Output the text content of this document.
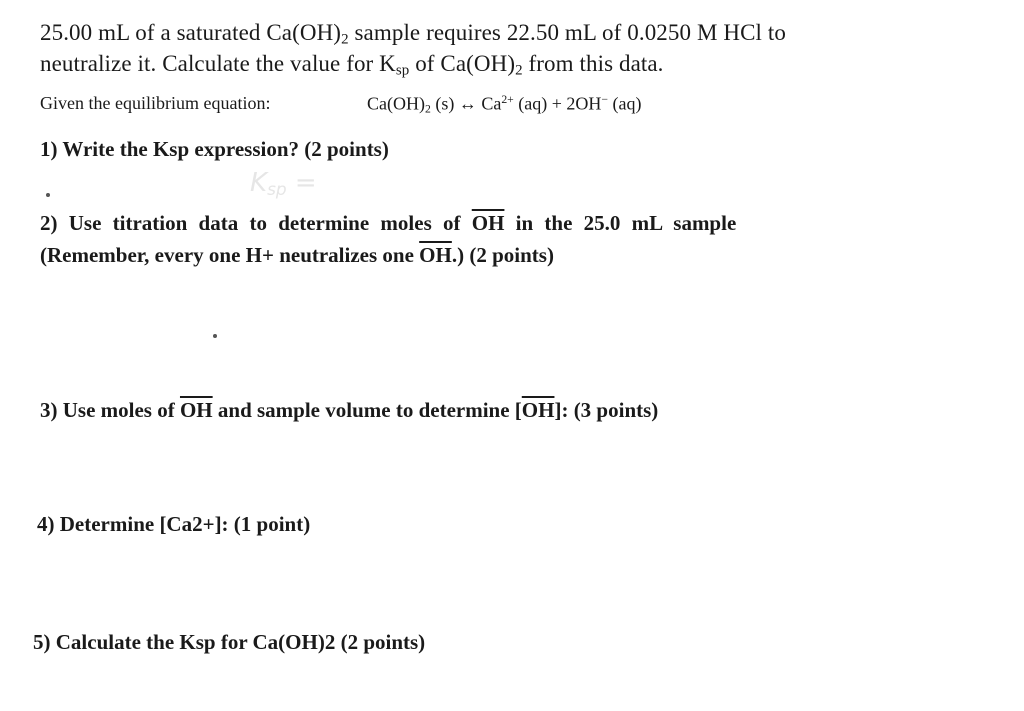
$K_{sp}$ =

25.00 mL of a saturated $Ca(OH)_2$ sample requires 22.50 mL of 0.0250 M HCl to
neutralize it. Calculate the value for $K_{sp}$ of $Ca(OH)_2$ from this data.
Given the equilibrium equation:	$Ca(OH)_2$ (s) ↔ $Ca^{2+}$ (aq) + 2OH− (aq)
1) Write the Ksp expression? (2 points)
2) Use titration data to determine moles of $\overline{OH}$ in the 25.0 mL sample
(Remember, every one H+ neutralizes one $\overline{OH}$.) (2 points)
3) Use moles of $\overline{OH}$ and sample volume to determine $[\overline{OH}]$: (3 points)
4) Determine [Ca2+]: (1 point)
5) Calculate the Ksp for Ca(OH)2 (2 points)
